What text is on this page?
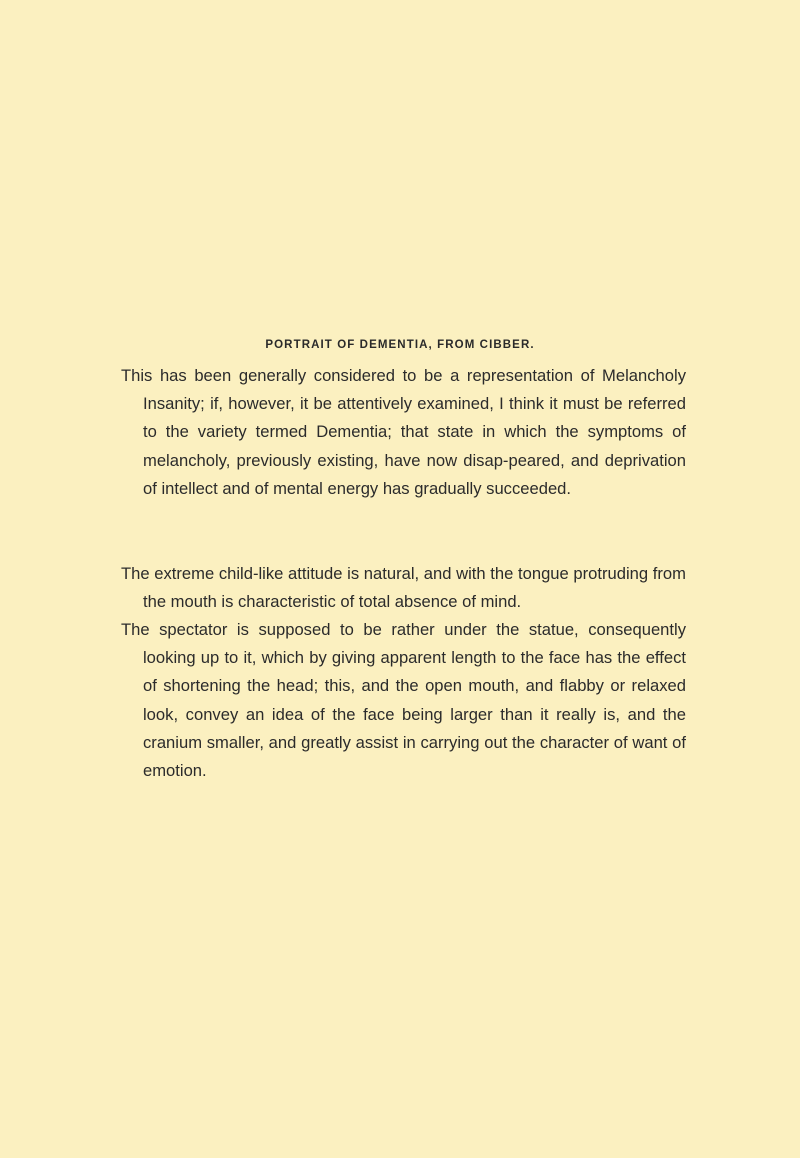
PORTRAIT OF DEMENTIA, FROM CIBBER.

This has been generally considered to be a representation of Melancholy Insanity; if, however, it be attentively examined, I think it must be referred to the variety termed Dementia; that state in which the symptoms of melancholy, previously existing, have now disap-peared, and deprivation of intellect and of mental energy has gradually succeeded.

The extreme child-like attitude is natural, and with the tongue protruding from the mouth is characteristic of total absence of mind.

The spectator is supposed to be rather under the statue, consequently looking up to it, which by giving apparent length to the face has the effect of shortening the head; this, and the open mouth, and flabby or relaxed look, convey an idea of the face being larger than it really is, and the cranium smaller, and greatly assist in carrying out the character of want of emotion.
